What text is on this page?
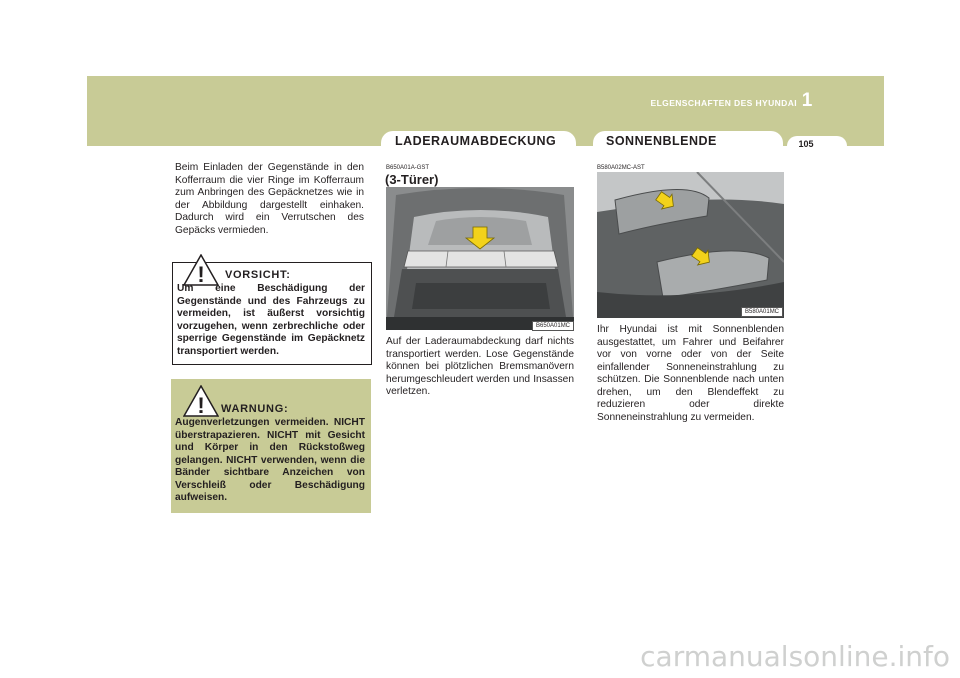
ELGENSCHAFTEN DES HYUNDAI 1
105
LADERAUMABDECKUNG	SONNENBLENDE
Beim Einladen der Gegenstände in den Kofferraum die vier Ringe im Kofferraum zum Anbringen des Gepäcknetzes wie in der Abbildung dargestellt einhaken. Dadurch wird ein Verrutschen des Gepäcks vermieden.
! VORSICHT:
Um eine Beschädigung der Gegenstände und des Fahrzeugs zu vermeiden, ist äußerst vorsichtig vorzugehen, wenn zerbrechliche oder sperrige Gegenstände im Gepäcknetz transportiert werden.
! WARNUNG:
Augenverletzungen vermeiden. NICHT überstrapazieren. NICHT mit Gesicht und Körper in den Rückstoßweg gelangen. NICHT verwenden, wenn die Bänder sichtbare Anzeichen von Verschleiß oder Beschädigung aufweisen.
B650A01A-GST
(3-Türer)
B650A01MC
Auf der Laderaumabdeckung darf nichts transportiert werden. Lose Gegenstände können bei plötzlichen Bremsmanövern herumgeschleudert werden und Insassen verletzen.
B580A02MC-AST
B580A01MC
Ihr Hyundai ist mit Sonnenblenden ausgestattet, um Fahrer und Beifahrer vor von vorne oder von der Seite einfallender Sonneneinstrahlung zu schützen. Die Sonnenblende nach unten drehen, um den Blendeffekt zu reduzieren oder direkte Sonneneinstrahlung zu vermeiden.
carmanualsonline.info
